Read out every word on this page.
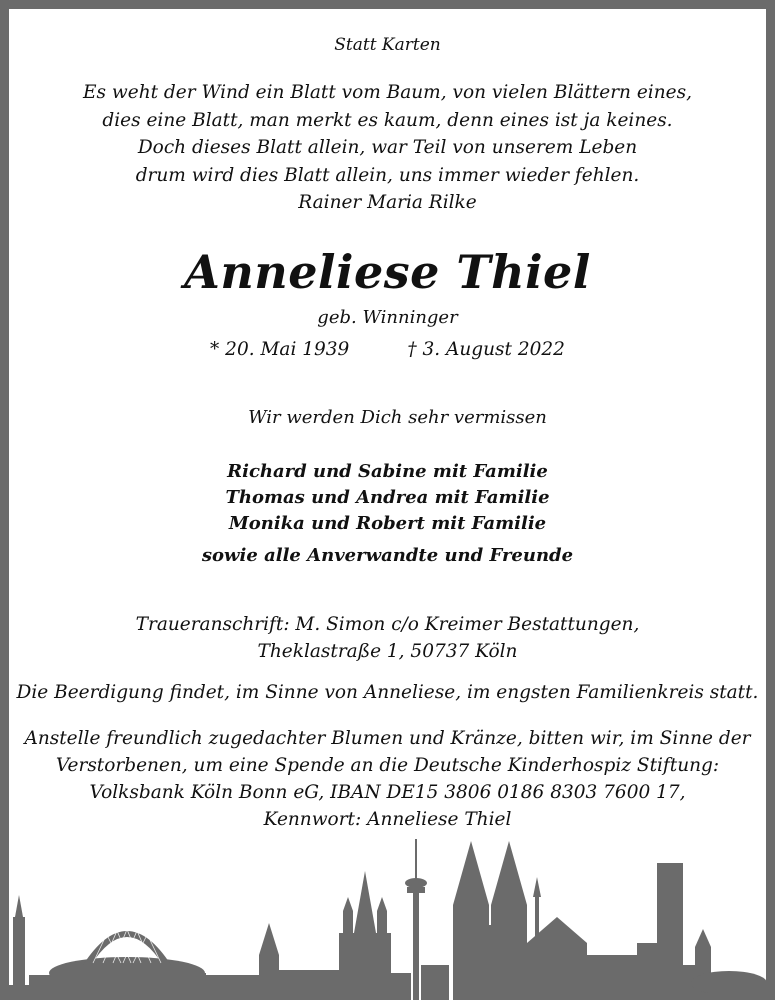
Statt Karten
Es weht der Wind ein Blatt vom Baum, von vielen Blättern eines,
dies eine Blatt, man merkt es kaum, denn eines ist ja keines.
Doch dieses Blatt allein, war Teil von unserem Leben
drum wird dies Blatt allein, uns immer wieder fehlen.
Rainer Maria Rilke
Anneliese Thiel
geb. Winninger
* 20. Mai 1939	† 3. August 2022
Wir werden Dich sehr vermissen
Richard und Sabine mit Familie
Thomas und Andrea mit Familie
Monika und Robert mit Familie
sowie alle Anverwandte und Freunde
Traueranschrift: M. Simon c/o Kreimer Bestattungen,
Theklastraße 1, 50737 Köln
Die Beerdigung findet, im Sinne von Anneliese, im engsten Familienkreis statt.
Anstelle freundlich zugedachter Blumen und Kränze, bitten wir, im Sinne der
Verstorbenen, um eine Spende an die Deutsche Kinderhospiz Stiftung:
Volksbank Köln Bonn eG, IBAN DE15 3806 0186 8303 7600 17,
Kennwort: Anneliese Thiel
